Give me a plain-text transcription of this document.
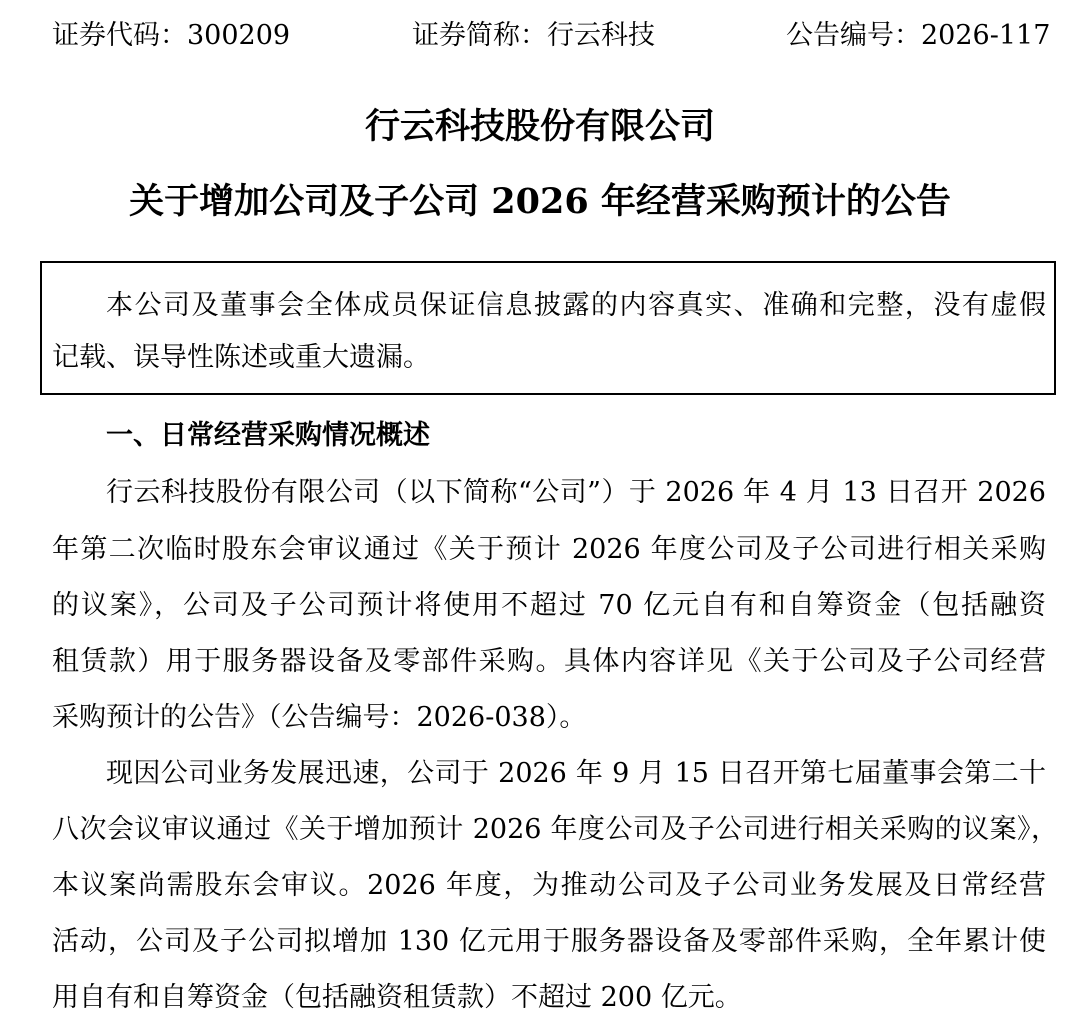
证券代码：300209	证券简称：行云科技	公告编号：2026-117
行云科技股份有限公司
关于增加公司及子公司 2026 年经营采购预计的公告
本公司及董事会全体成员保证信息披露的内容真实、准确和完整，没有虚假
记载、误导性陈述或重大遗漏。
一、日常经营采购情况概述
行云科技股份有限公司（以下简称“公司”）于 2026 年 4 月 13 日召开 2026
年第二次临时股东会审议通过《关于预计 2026 年度公司及子公司进行相关采购
的议案》，公司及子公司预计将使用不超过 70 亿元自有和自筹资金（包括融资
租赁款）用于服务器设备及零部件采购。具体内容详见《关于公司及子公司经营
采购预计的公告》（公告编号：2026-038）。
现因公司业务发展迅速，公司于 2026 年 9 月 15 日召开第七届董事会第二十
八次会议审议通过《关于增加预计 2026 年度公司及子公司进行相关采购的议案》，
本议案尚需股东会审议。2026 年度，为推动公司及子公司业务发展及日常经营
活动，公司及子公司拟增加 130 亿元用于服务器设备及零部件采购，全年累计使
用自有和自筹资金（包括融资租赁款）不超过 200 亿元。
